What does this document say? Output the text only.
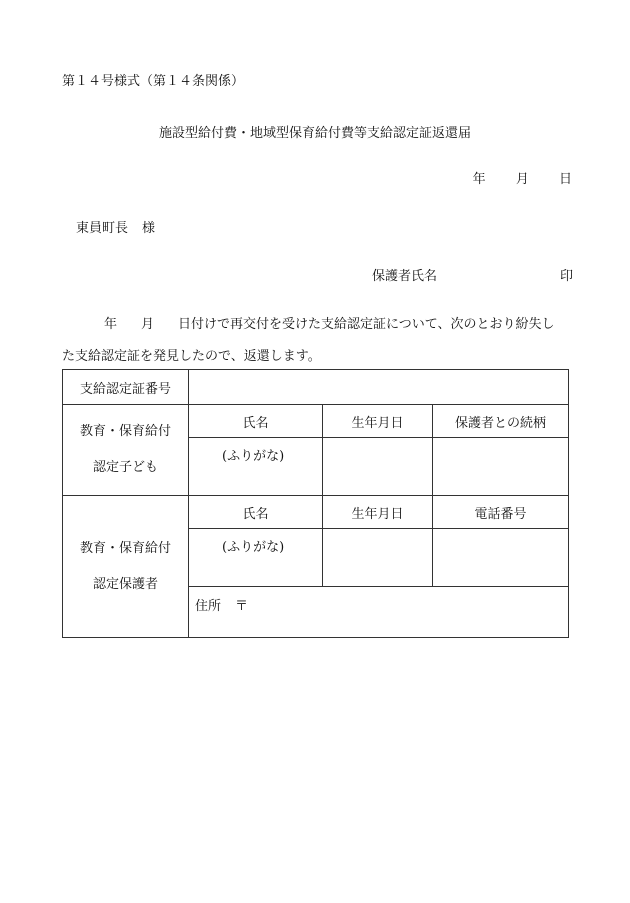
第１４号様式（第１４条関係）
施設型給付費・地域型保育給付費等支給認定証返還届
年 月 日
東員町長 様
保護者氏名	印
年 月 日付けで再交付を受けた支給認定証について、次のとおり紛失し
た支給認定証を発見したので、返還します。
支給認定証番号			

教育・保育給付
認定子ども	氏名	生年月日	保護者との続柄
	(ふりがな)		

教育・保育給付
認定保護者	氏名	生年月日	電話番号
	(ふりがな)		
	住所 〒		
